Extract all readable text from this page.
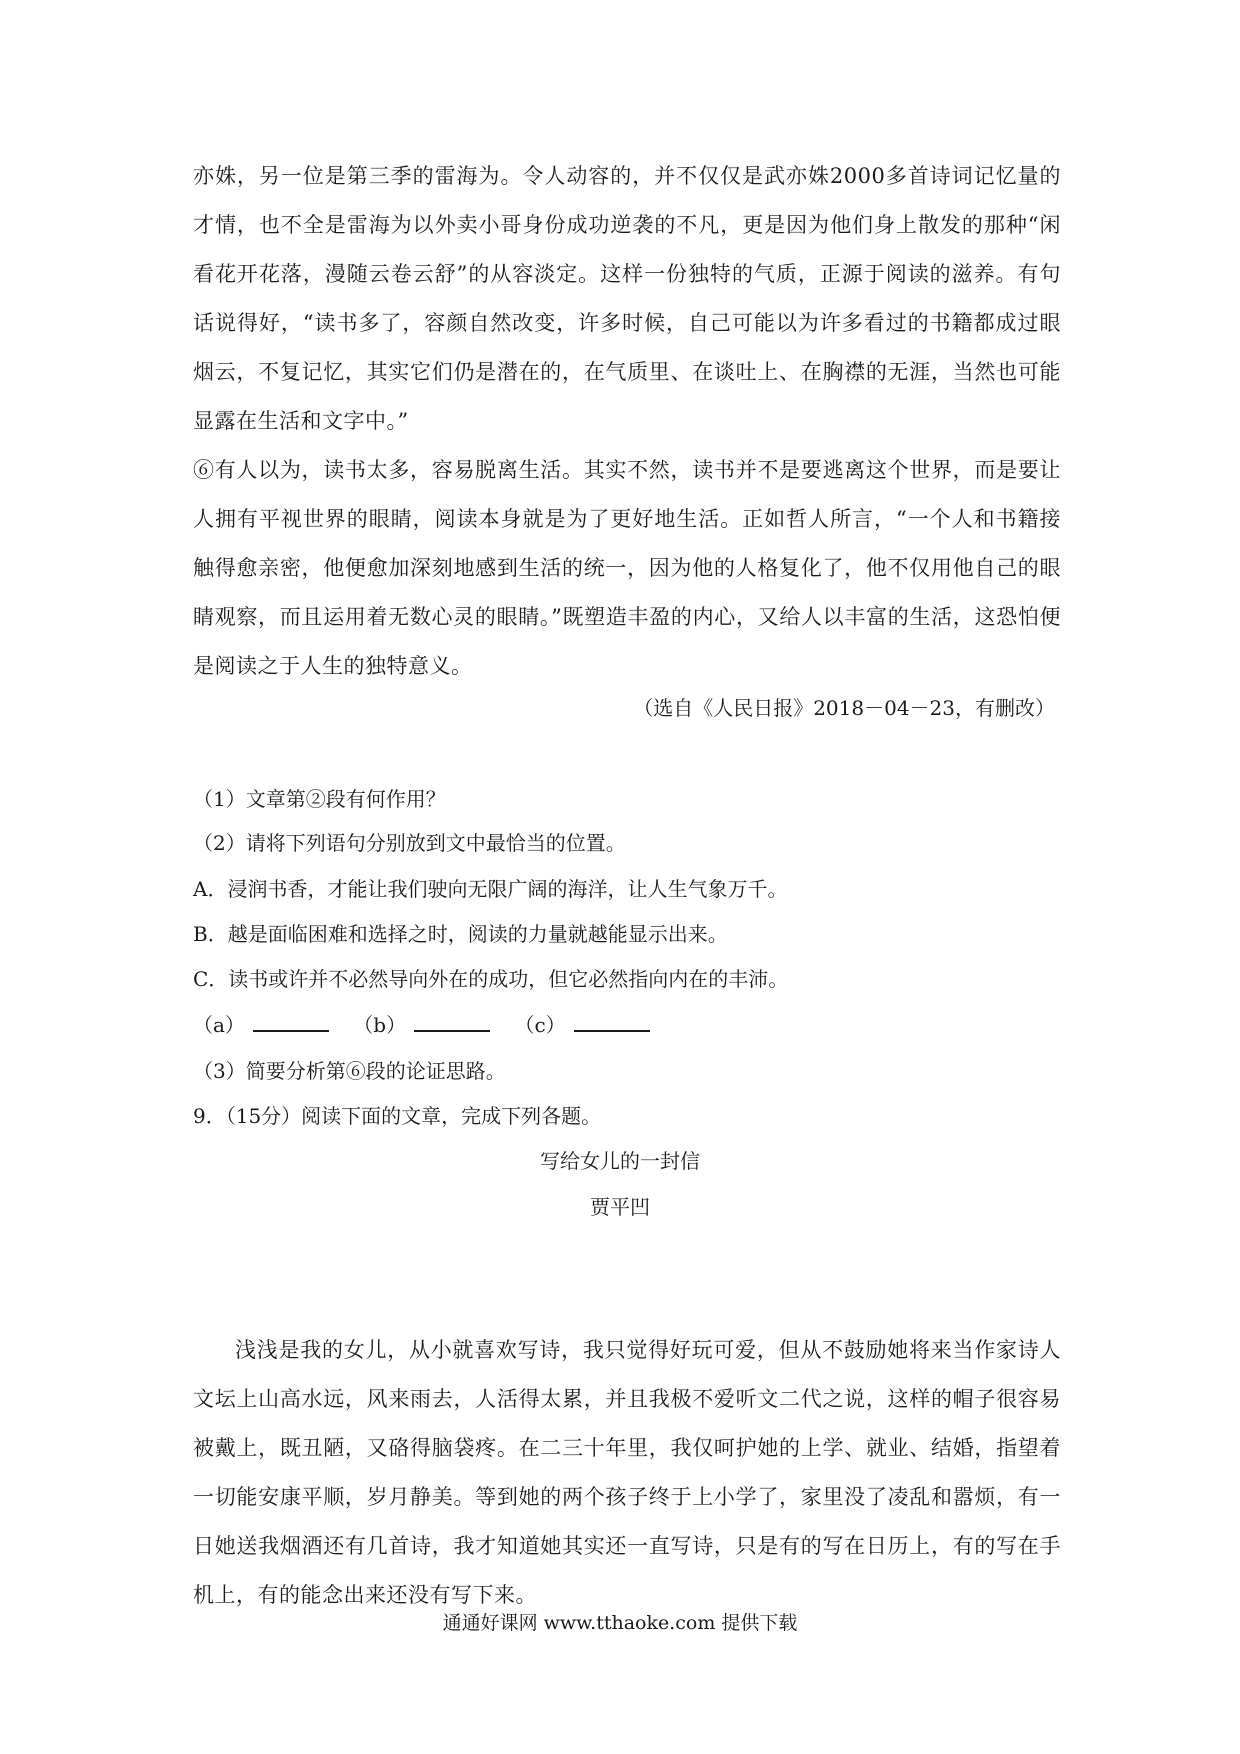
亦姝，另一位是第三季的雷海为。令人动容的，并不仅仅是武亦姝2000多首诗词记忆量的才情，也不全是雷海为以外卖小哥身份成功逆袭的不凡，更是因为他们身上散发的那种“闲看花开花落，漫随云卷云舒”的从容淡定。这样一份独特的气质，正源于阅读的滋养。有句话说得好，“读书多了，容颜自然改变，许多时候，自己可能以为许多看过的书籍都成过眼烟云，不复记忆，其实它们仍是潜在的，在气质里、在谈吐上、在胸襟的无涯，当然也可能显露在生活和文字中。”
⑥有人以为，读书太多，容易脱离生活。其实不然，读书并不是要逃离这个世界，而是要让人拥有平视世界的眼睛，阅读本身就是为了更好地生活。正如哲人所言，“一个人和书籍接触得愈亲密，他便愈加深刻地感到生活的统一，因为他的人格复化了，他不仅用他自己的眼睛观察，而且运用着无数心灵的眼睛。”既塑造丰盈的内心，又给人以丰富的生活，这恐怕便是阅读之于人生的独特意义。
（选自《人民日报》2018－04－23，有删改）
（1）文章第②段有何作用？
（2）请将下列语句分别放到文中最恰当的位置。
A．浸润书香，才能让我们驶向无限广阔的海洋，让人生气象万千。
B．越是面临困难和选择之时，阅读的力量就越能显示出来。
C．读书或许并不必然导向外在的成功，但它必然指向内在的丰沛。
（a）	（b）	（c）
（3）简要分析第⑥段的论证思路。
9．（15分）阅读下面的文章，完成下列各题。
写给女儿的一封信
贾平凹
浅浅是我的女儿，从小就喜欢写诗，我只觉得好玩可爱，但从不鼓励她将来当作家诗人文坛上山高水远，风来雨去，人活得太累，并且我极不爱听文二代之说，这样的帽子很容易被戴上，既丑陋，又硌得脑袋疼。在二三十年里，我仅呵护她的上学、就业、结婚，指望着一切能安康平顺，岁月静美。等到她的两个孩子终于上小学了，家里没了凌乱和嚣烦，有一日她送我烟酒还有几首诗，我才知道她其实还一直写诗，只是有的写在日历上，有的写在手机上，有的能念出来还没有写下来。
通通好课网 www.tthaoke.com 提供下载
